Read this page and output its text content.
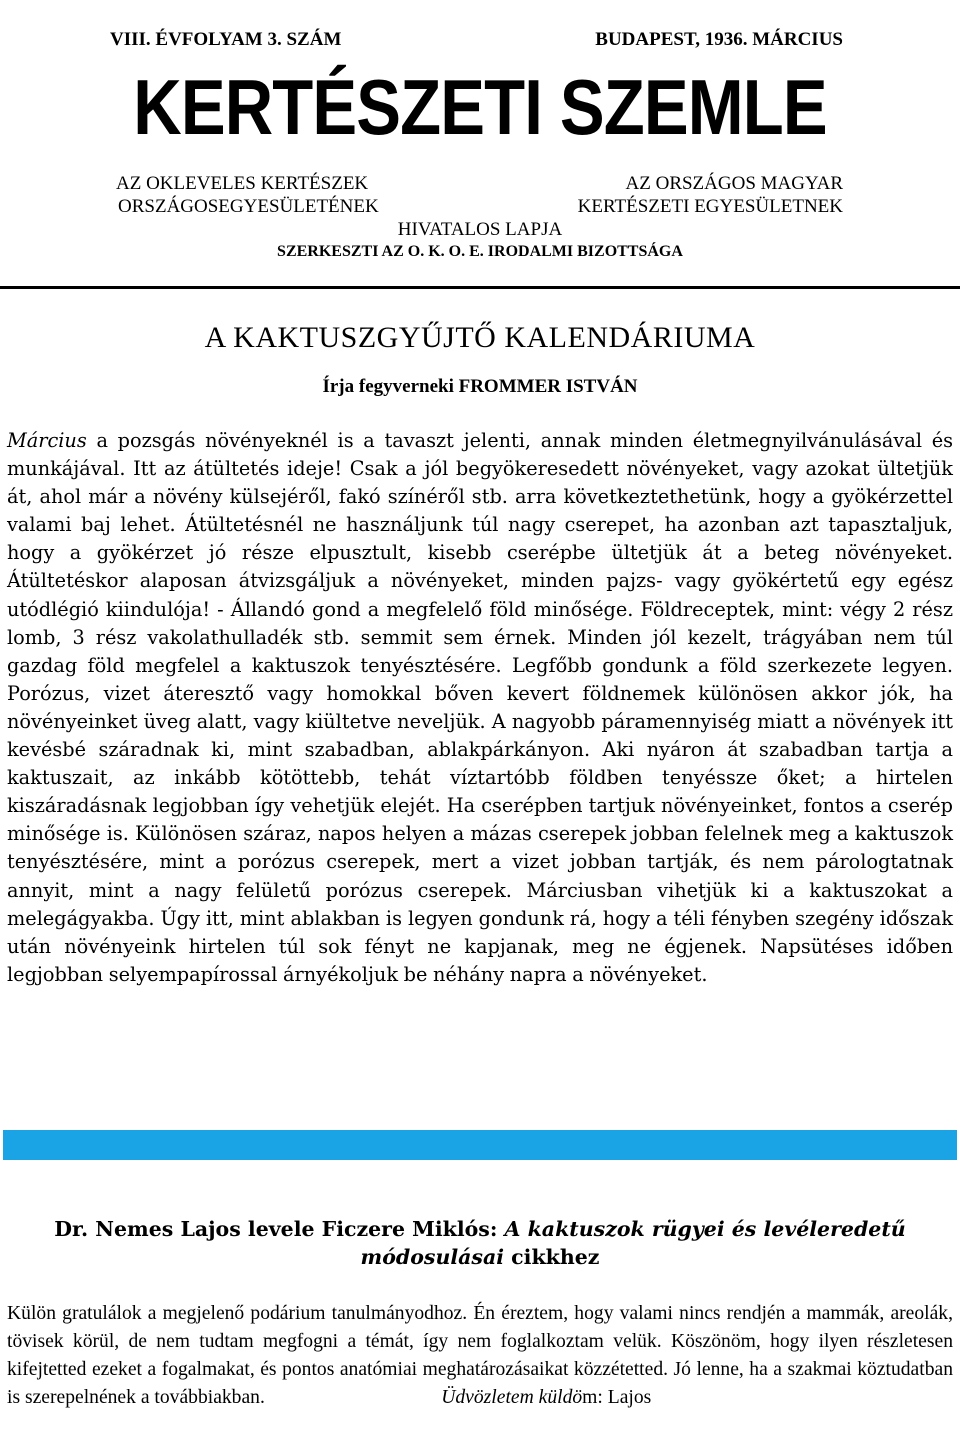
VIII. ÉVFOLYAM 3. SZÁM	BUDAPEST, 1936. MÁRCIUS
KERTÉSZETI SZEMLE
AZ OKLEVELES KERTÉSZEK
ORSZÁGOSEGYESÜLETÉNEK
AZ ORSZÁGOS MAGYAR
KERTÉSZETI EGYESÜLETNEK
HIVATALOS LAPJA
SZERKESZTI AZ O. K. O. E. IRODALMI BIZOTTSÁGA
A KAKTUSZGYŰJTŐ KALENDÁRIUMA
Írja fegyverneki FROMMER ISTVÁN
Március a pozsgás növényeknél is a tavaszt jelenti, annak minden életmegnyilvánulásával és munkájával. Itt az átültetés ideje! Csak a jól begyökeresedett növényeket, vagy azokat ültetjük át, ahol már a növény külsejéről, fakó színéről stb. arra következtethetünk, hogy a gyökérzettel valami baj lehet. Átültetésnél ne használjunk túl nagy cserepet, ha azonban azt tapasztaljuk, hogy a gyökérzet jó része elpusztult, kisebb cserépbe ültetjük át a beteg növényeket. Átültetéskor alaposan átvizsgáljuk a növényeket, minden pajzs- vagy gyökértetű egy egész utódlégió kiindulója! - Állandó gond a megfelelő föld minősége. Földreceptek, mint: végy 2 rész lomb, 3 rész vakolathulladék stb. semmit sem érnek. Minden jól kezelt, trágyában nem túl gazdag föld megfelel a kaktuszok tenyésztésére. Legfőbb gondunk a föld szerkezete legyen. Porózus, vizet áteresztő vagy homokkal bőven kevert földnemek különösen akkor jók, ha növényeinket üveg alatt, vagy kiültetve neveljük. A nagyobb páramennyiség miatt a növények itt kevésbé száradnak ki, mint szabadban, ablakpárkányon. Aki nyáron át szabadban tartja a kaktuszait, az inkább kötöttebb, tehát víztartóbb földben tenyéssze őket; a hirtelen kiszáradásnak legjobban így vehetjük elejét. Ha cserépben tartjuk növényeinket, fontos a cserép minősége is. Különösen száraz, napos helyen a mázas cserepek jobban felelnek meg a kaktuszok tenyésztésére, mint a porózus cserepek, mert a vizet jobban tartják, és nem párologtatnak annyit, mint a nagy felületű porózus cserepek. Márciusban vihetjük ki a kaktuszokat a melegágyakba. Úgy itt, mint ablakban is legyen gondunk rá, hogy a téli fényben szegény időszak után növényeink hirtelen túl sok fényt ne kapjanak, meg ne égjenek. Napsütéses időben legjobban selyempapírossal árnyékoljuk be néhány napra a növényeket.
Dr. Nemes Lajos levele Ficzere Miklós: A kaktuszok rügyei és levéleredetű módosulásai cikkhez
Külön gratulálok a megjelenő podárium tanulmányodhoz. Én éreztem, hogy valami nincs rendjén a mammák, areolák, tövisek körül, de nem tudtam megfogni a témát, így nem foglalkoztam velük. Köszönöm, hogy ilyen részletesen kifejtetted ezeket a fogalmakat, és pontos anatómiai meghatározásaikat közzétetted. Jó lenne, ha a szakmai köztudatban is szerepelnének a továbbiakban.	Üdvözletem küldöm: Lajos
